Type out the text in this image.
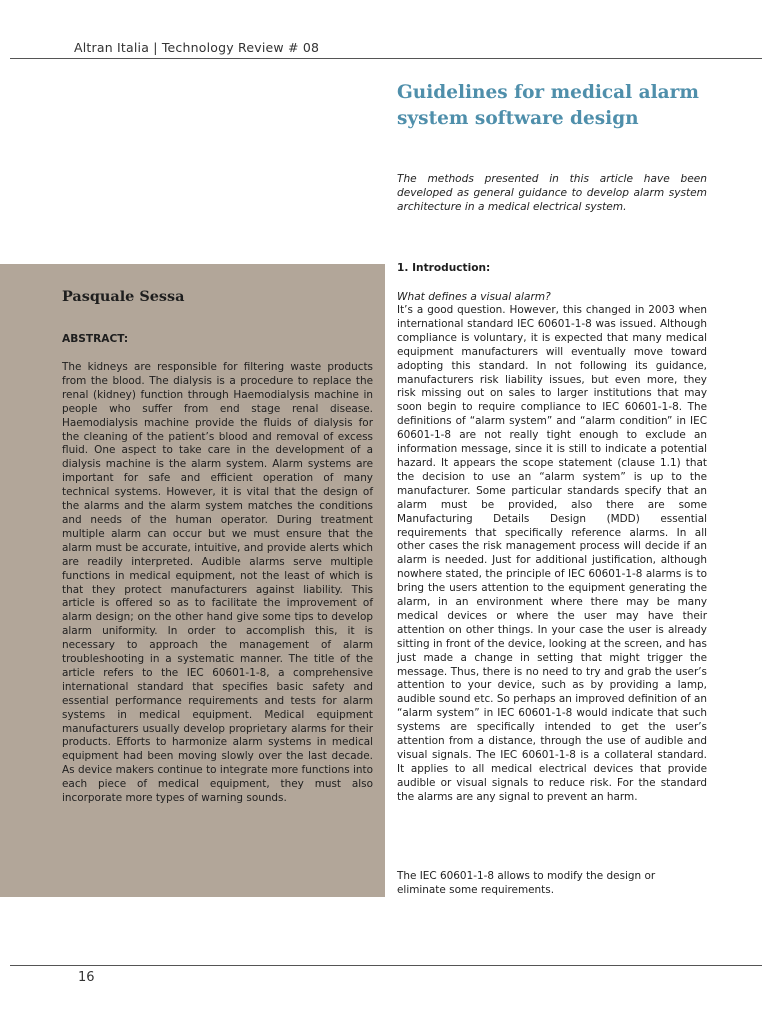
Altran Italia | Technology Review # 08
Guidelines for medical alarm system software design

The methods presented in this article have been developed as general guidance to develop alarm system architecture in a medical electrical system.

Pasquale Sessa
ABSTRACT:

The kidneys are responsible for filtering waste products from the blood. The dialysis is a procedure to replace the renal (kidney) function through Haemodialysis machine in people who suffer from end stage renal disease. Haemodialysis machine provide the fluids of dialysis for the cleaning of the patient’s blood and removal of excess fluid. One aspect to take care in the development of a dialysis machine is the alarm system. Alarm systems are important for safe and efficient operation of many technical systems. However, it is vital that the design of the alarms and the alarm system matches the conditions and needs of the human operator. During treatment multiple alarm can occur but we must ensure that the alarm must be accurate, intuitive, and provide alerts which are readily interpreted. Audible alarms serve multiple functions in medical equipment, not the least of which is that they protect manufacturers against liability. This article is offered so as to facilitate the improvement of alarm design; on the other hand give some tips to develop alarm uniformity. In order to accomplish this, it is necessary to approach the management of alarm troubleshooting in a systematic manner. The title of the article refers to the IEC 60601-1-8, a comprehensive international standard that specifies basic safety and essential performance requirements and tests for alarm systems in medical equipment. Medical equipment manufacturers usually develop proprietary alarms for their products. Efforts to harmonize alarm systems in medical equipment had been moving slowly over the last decade. As device makers continue to integrate more functions into each piece of medical equipment, they must also incorporate more types of warning sounds.

1. Introduction:

What defines a visual alarm?

It’s a good question. However, this changed in 2003 when international standard IEC 60601-1-8 was issued. Although compliance is voluntary, it is expected that many medical equipment manufacturers will eventually move toward adopting this standard. In not following its guidance, manufacturers risk liability issues, but even more, they risk missing out on sales to larger institutions that may soon begin to require compliance to IEC 60601-1-8. The definitions of “alarm system” and “alarm condition” in IEC 60601-1-8 are not really tight enough to exclude an information message, since it is still to indicate a potential hazard. It appears the scope statement (clause 1.1) that the decision to use an “alarm system” is up to the manufacturer. Some particular standards specify that an alarm must be provided, also there are some Manufacturing Details Design (MDD) essential requirements that specifically reference alarms. In all other cases the risk management process will decide if an alarm is needed. Just for additional justification, although nowhere stated, the principle of IEC 60601-1-8 alarms is to bring the users attention to the equipment generating the alarm, in an environment where there may be many medical devices or where the user may have their attention on other things. In your case the user is already sitting in front of the device, looking at the screen, and has just made a change in setting that might trigger the message. Thus, there is no need to try and grab the user’s attention to your device, such as by providing a lamp, audible sound etc. So perhaps an improved definition of an “alarm system” in IEC 60601-1-8 would indicate that such systems are specifically intended to get the user’s attention from a distance, through the use of audible and visual signals. The IEC 60601-1-8 is a collateral standard. It applies to all medical electrical devices that provide audible or visual signals to reduce risk. For the standard the alarms are any signal to prevent an harm.

The IEC 60601-1-8 allows to modify the design or eliminate some requirements.

16
